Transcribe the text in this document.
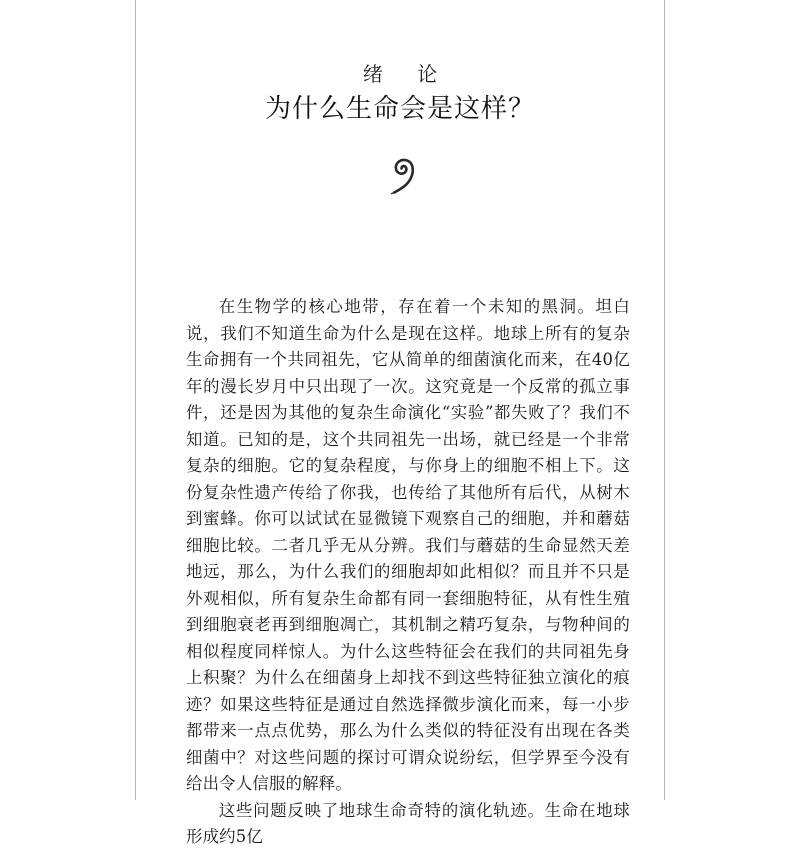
绪 论
为什么生命会是这样？

在生物学的核心地带，存在着一个未知的黑洞。坦白说，我们不知道生命为什么是现在这样。地球上所有的复杂生命拥有一个共同祖先，它从简单的细菌演化而来，在40亿年的漫长岁月中只出现了一次。这究竟是一个反常的孤立事件，还是因为其他的复杂生命演化“实验”都失败了？我们不知道。已知的是，这个共同祖先一出场，就已经是一个非常复杂的细胞。它的复杂程度，与你身上的细胞不相上下。这份复杂性遗产传给了你我，也传给了其他所有后代，从树木到蜜蜂。你可以试试在显微镜下观察自己的细胞，并和蘑菇细胞比较。二者几乎无从分辨。我们与蘑菇的生命显然天差地远，那么，为什么我们的细胞却如此相似？而且并不只是外观相似，所有复杂生命都有同一套细胞特征，从有性生殖到细胞衰老再到细胞凋亡，其机制之精巧复杂，与物种间的相似程度同样惊人。为什么这些特征会在我们的共同祖先身上积聚？为什么在细菌身上却找不到这些特征独立演化的痕迹？如果这些特征是通过自然选择微步演化而来，每一小步都带来一点点优势，那么为什么类似的特征没有出现在各类细菌中？对这些问题的探讨可谓众说纷纭，但学界至今没有给出令人信服的解释。

这些问题反映了地球生命奇特的演化轨迹。生命在地球形成约5亿
